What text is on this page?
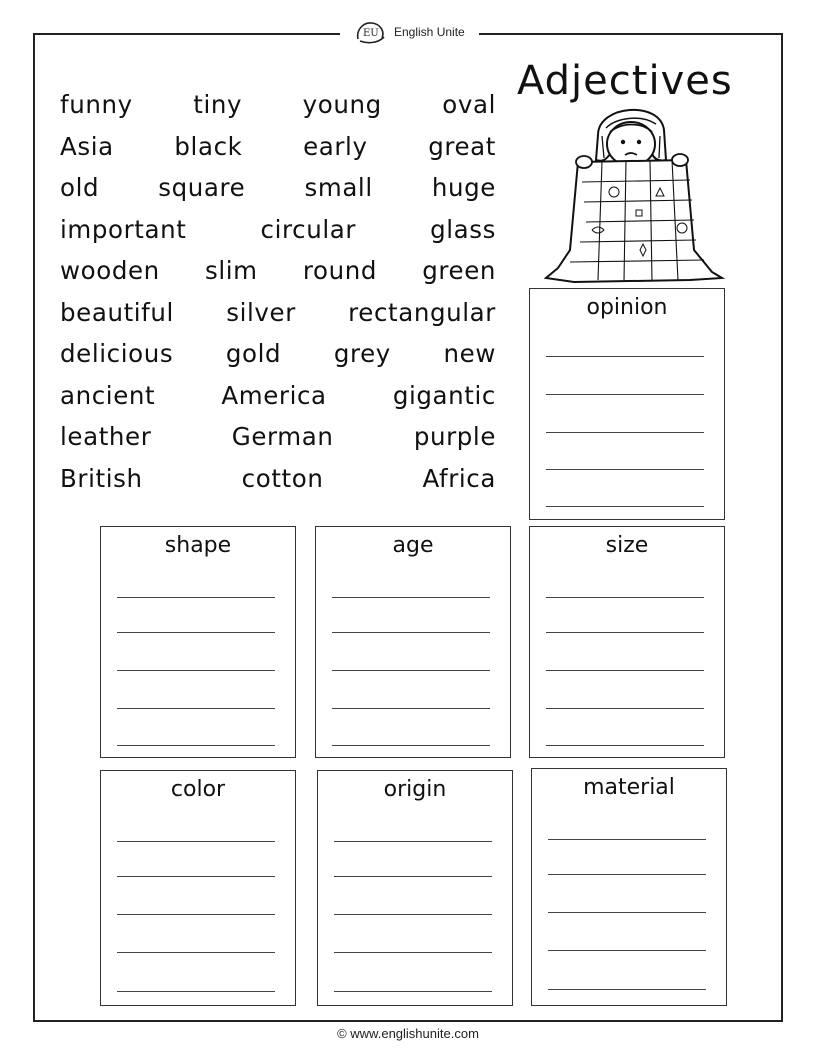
EU English Unite
Adjectives
funny tiny young oval
Asia black early great
old square small huge
important	circular	glass
wooden slim round green
beautiful silver rectangular
delicious gold grey new
ancient	America	gigantic
leather	German	purple
British	cotton	Africa
opinion
shape	age	size
color	origin	material
© www.englishunite.com
